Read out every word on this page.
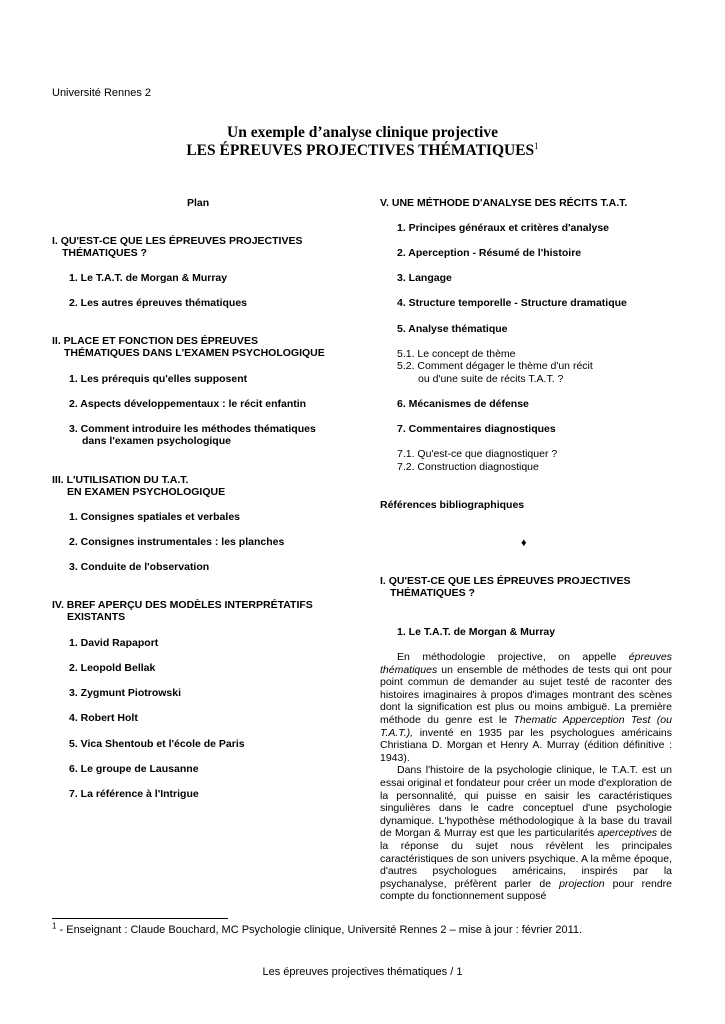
Université Rennes 2
Un exemple d’analyse clinique projective
LES ÉPREUVES PROJECTIVES THÉMATIQUES$^1$
Plan
I. QU'EST-CE QUE LES ÉPREUVES PROJECTIVES
THÉMATIQUES ?
1. Le T.A.T. de Morgan & Murray
2. Les autres épreuves thématiques
II. PLACE ET FONCTION DES ÉPREUVES
THÉMATIQUES DANS L'EXAMEN PSYCHOLOGIQUE
1. Les prérequis qu'elles supposent
2. Aspects développementaux : le récit enfantin
3. Comment introduire les méthodes thématiques
dans l'examen psychologique
III. L'UTILISATION DU T.A.T.
EN EXAMEN PSYCHOLOGIQUE
1. Consignes spatiales et verbales
2. Consignes instrumentales : les planches
3. Conduite de l'observation
IV. BREF APERÇU DES MODÈLES INTERPRÉTATIFS
EXISTANTS
1. David Rapaport
2. Leopold Bellak
3. Zygmunt Piotrowski
4. Robert Holt
5. Vica Shentoub et l'école de Paris
6. Le groupe de Lausanne
7. La référence à l'Intrigue
V. UNE MÉTHODE D'ANALYSE DES RÉCITS T.A.T.
1. Principes généraux et critères d'analyse
2. Aperception - Résumé de l'histoire
3. Langage
4. Structure temporelle - Structure dramatique
5. Analyse thématique
5.1. Le concept de thème
5.2. Comment dégager le thème d'un récit
ou d'une suite de récits T.A.T. ?
6. Mécanismes de défense
7. Commentaires diagnostiques
7.1. Qu'est-ce que diagnostiquer ?
7.2. Construction diagnostique
Références bibliographiques
♦
I. QU'EST-CE QUE LES ÉPREUVES PROJECTIVES
THÉMATIQUES ?
1. Le T.A.T. de Morgan & Murray

En méthodologie projective, on appelle épreuves thématiques un ensemble de méthodes de tests qui ont pour point commun de demander au sujet testé de raconter des histoires imaginaires à propos d'images montrant des scènes dont la signification est plus ou moins ambiguë. La première méthode du genre est le Thematic Apperception Test (ou T.A.T.), inventé en 1935 par les psychologues américains Christiana D. Morgan et Henry A. Murray (édition définitive : 1943).

Dans l'histoire de la psychologie clinique, le T.A.T. est un essai original et fondateur pour créer un mode d'exploration de la personnalité, qui puisse en saisir les caractéristiques singulières dans le cadre conceptuel d'une psychologie dynamique. L'hypothèse méthodologique à la base du travail de Morgan & Murray est que les particularités aperceptives de la réponse du sujet nous révèlent les principales caractéristiques de son univers psychique. A la même époque, d'autres psychologues américains, inspirés par la psychanalyse, préfèrent parler de projection pour rendre compte du fonctionnement supposé

$^1$ - Enseignant : Claude Bouchard, MC Psychologie clinique, Université Rennes 2 – mise à jour : février 2011.
Les épreuves projectives thématiques / 1
